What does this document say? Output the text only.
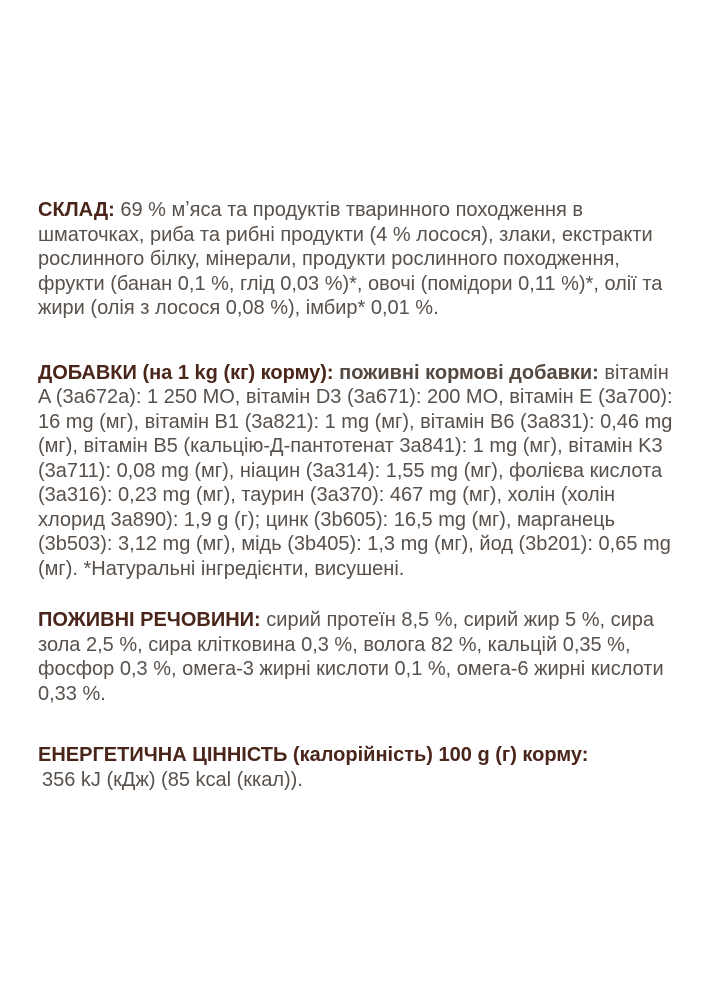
СКЛАД: 69 % мʼяса та продуктів тваринного походження в шматочках, риба та рибні продукти (4 % лосося), злаки, екстракти рослинного білку, мінерали, продукти рослинного походження, фрукти (банан 0,1 %, глід 0,03 %)*, овочі (помідори 0,11 %)*, олії та жири (олія з лосося 0,08 %), імбир* 0,01 %.

ДОБАВКИ (на 1 kg (кг) корму): поживні кормові добавки: вітамін A (3a672a): 1 250 МО, вітамін D3 (3a671): 200 МО, вітамін E (3a700): 16 mg (мг), вітамін B1 (3a821): 1 mg (мг), вітамін B6 (3a831): 0,46 mg (мг), вітамін B5 (кальцію-Д-пантотенат 3a841): 1 mg (мг), вітамін K3 (3a711): 0,08 mg (мг), ніацин (3a314): 1,55 mg (мг), фолієва кислота (3a316): 0,23 mg (мг), таурин (3a370): 467 mg (мг), холін (холін хлорид 3a890): 1,9 g (г); цинк (3b605): 16,5 mg (мг), марганець (3b503): 3,12 mg (мг), мідь (3b405): 1,3 mg (мг), йод (3b201): 0,65 mg (мг). *Натуральні інгредієнти, висушені.

ПОЖИВНІ РЕЧОВИНИ: сирий протеїн 8,5 %, сирий жир 5 %, сира зола 2,5 %, сира клітковина 0,3 %, волога 82 %, кальцій 0,35 %, фосфор 0,3 %, омега-3 жирні кислоти 0,1 %, омега-6 жирні кислоти 0,33 %.

ЕНЕРГЕТИЧНА ЦІННІСТЬ (калорійність) 100 g (г) корму:
356 kJ (кДж) (85 kcal (ккал)).
